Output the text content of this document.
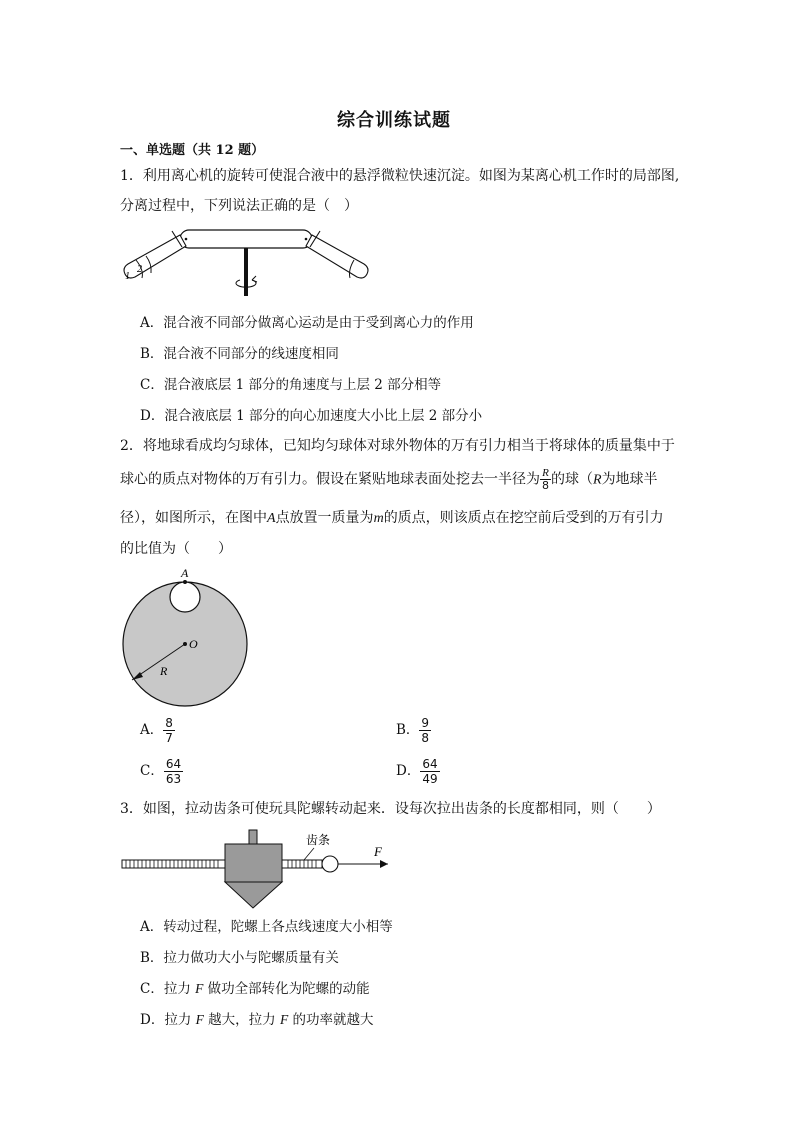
综合训练试题
一、单选题（共 12 题）
1．利用离心机的旋转可使混合液中的悬浮微粒快速沉淀。如图为某离心机工作时的局部图,
分离过程中，下列说法正确的是（　）
1
2
A．混合液不同部分做离心运动是由于受到离心力的作用
B．混合液不同部分的线速度相同
C．混合液底层 1 部分的角速度与上层 2 部分相等
D．混合液底层 1 部分的向心加速度大小比上层 2 部分小
2．将地球看成均匀球体，已知均匀球体对球外物体的万有引力相当于将球体的质量集中于
球心的质点对物体的万有引力。假设在紧贴地球表面处挖去一半径为 $\frac{R}{8}$ 的球（R为地球半
径），如图所示，在图中A点放置一质量为m的质点，则该质点在挖空前后受到的万有引力
的比值为（　　）
A
O
R
A． $\frac{8}{7}$	B． $\frac{9}{8}$
C． $\frac{64}{63}$	D． $\frac{64}{49}$
3．如图，拉动齿条可使玩具陀螺转动起来．设每次拉出齿条的长度都相同，则（　　）
齿条
F
A．转动过程，陀螺上各点线速度大小相等
B．拉力做功大小与陀螺质量有关
C．拉力 F 做功全部转化为陀螺的动能
D．拉力 F 越大，拉力 F 的功率就越大
